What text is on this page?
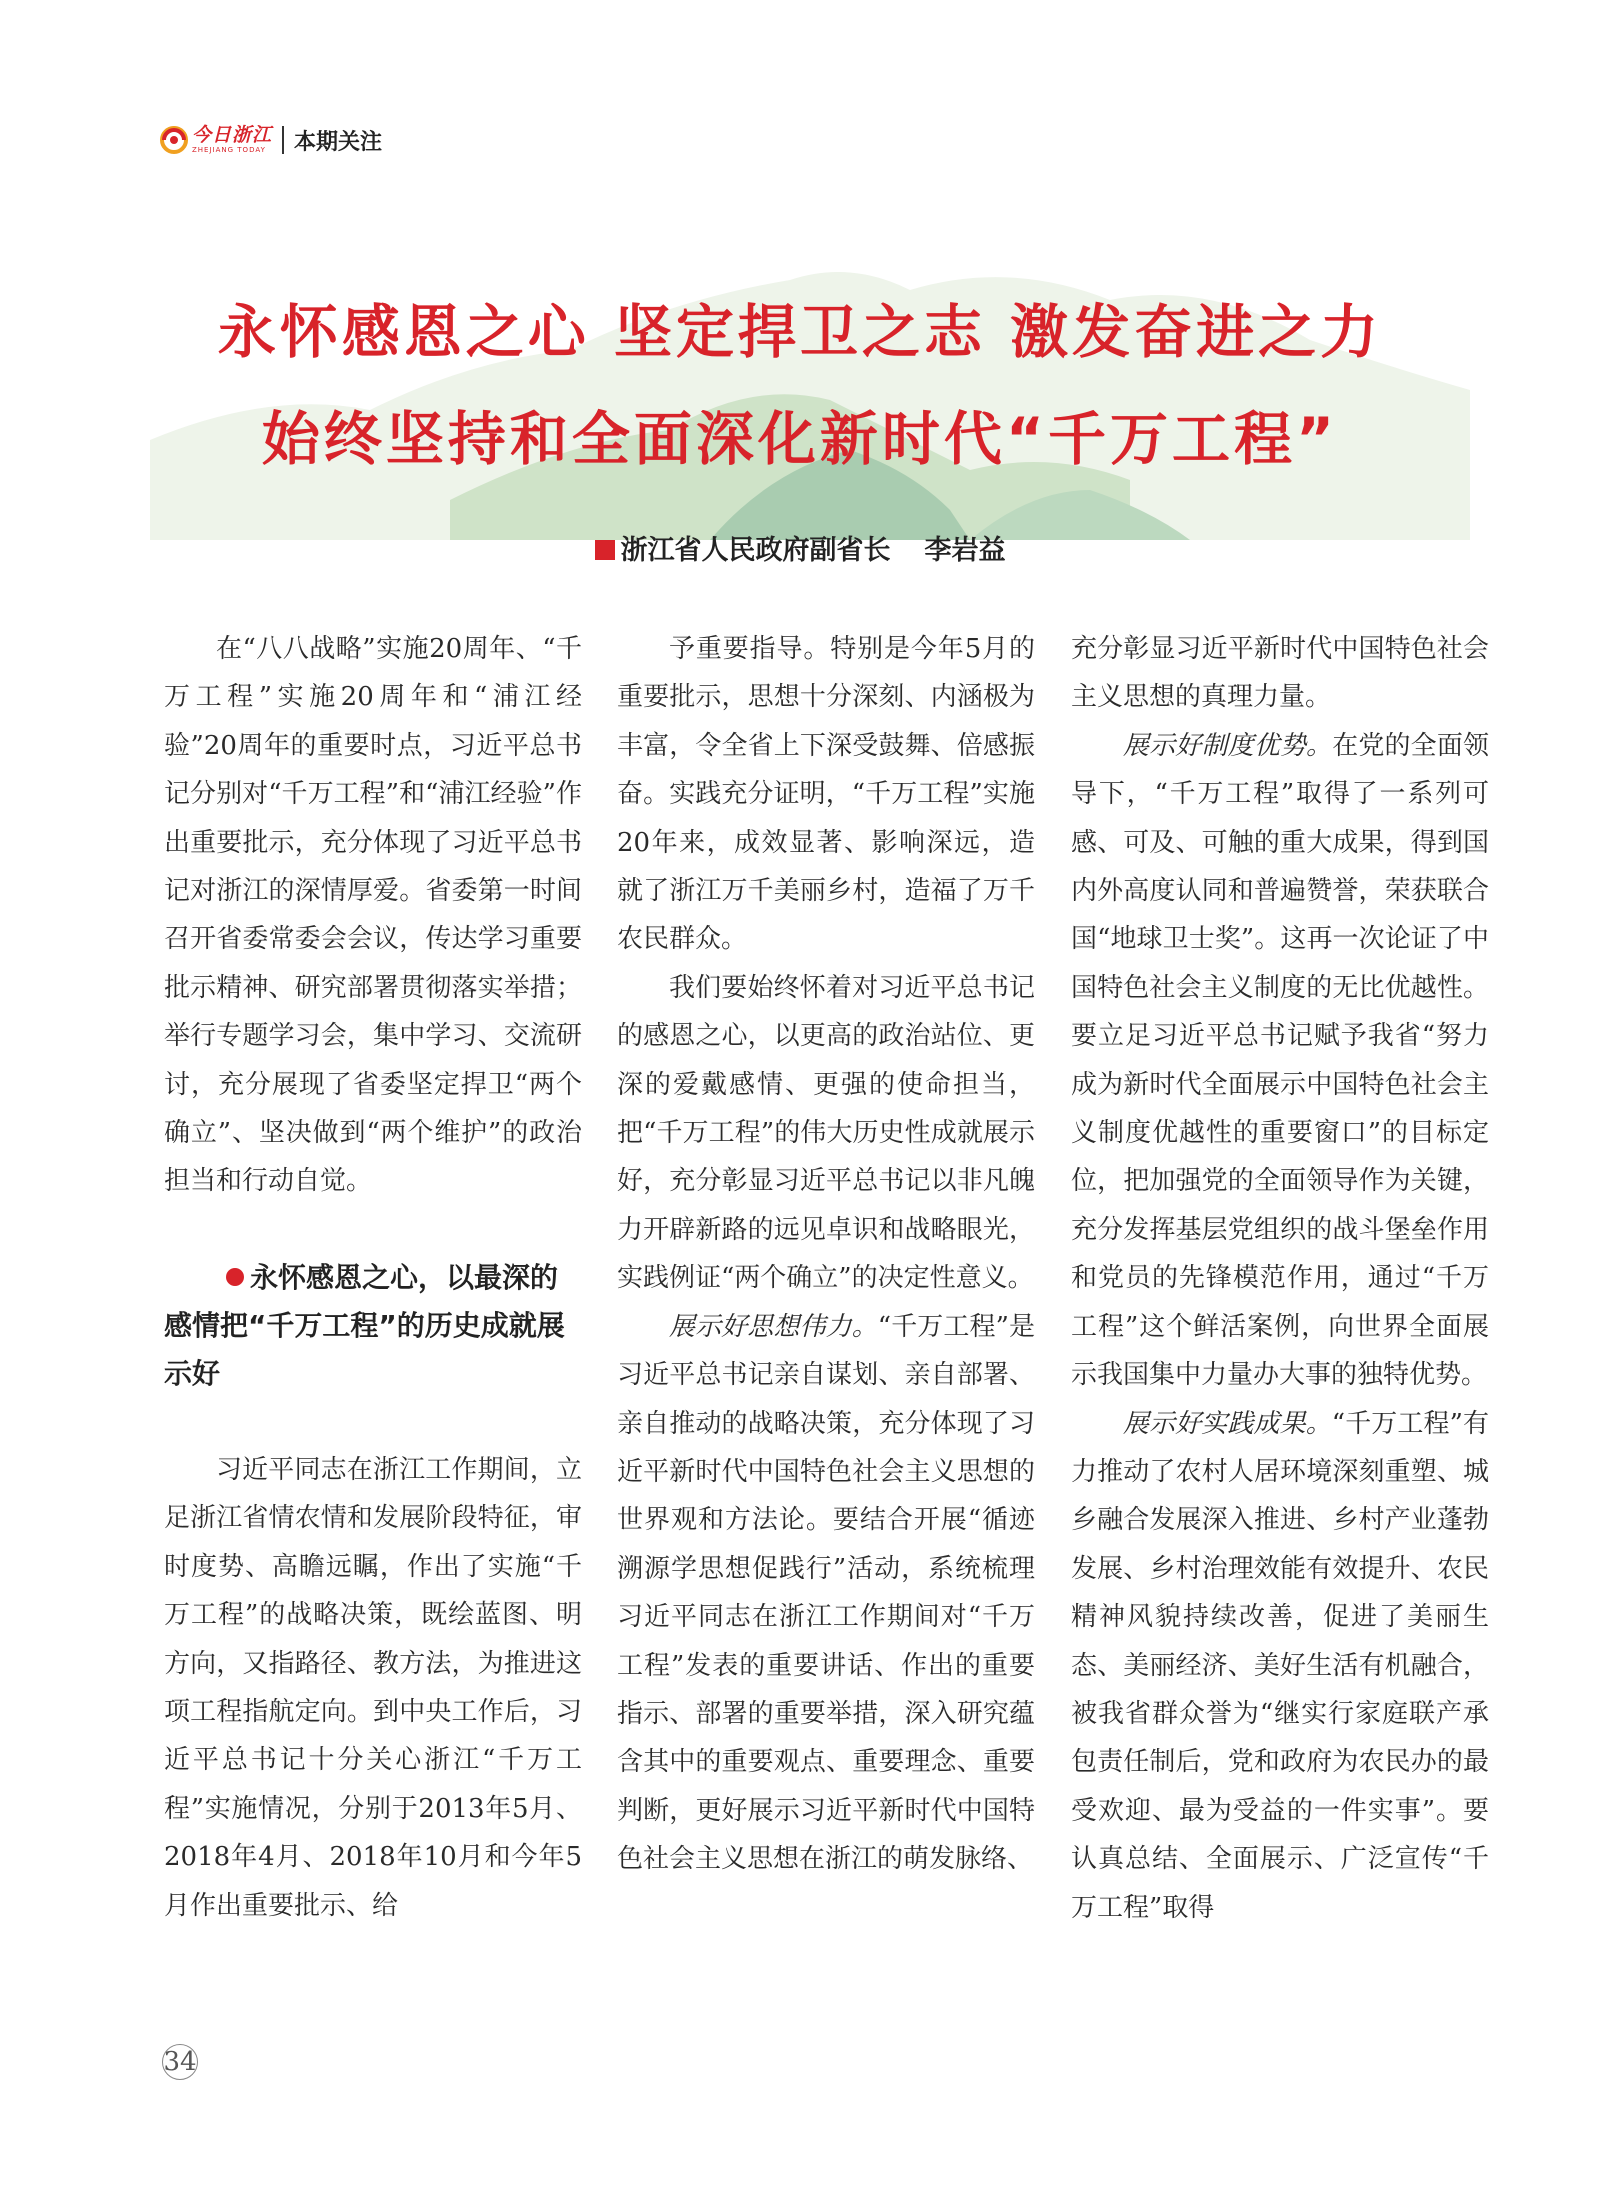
今日浙江
ZHEJIANG TODAY 本期关注
永怀感恩之心 坚定捍卫之志 激发奋进之力
始终坚持和全面深化新时代“千万工程”
浙江省人民政府副省长 李岩益

在“八八战略”实施20周年、“千万工程”实施20周年和“浦江经验”20周年的重要时点，习近平总书记分别对“千万工程”和“浦江经验”作出重要批示，充分体现了习近平总书记对浙江的深情厚爱。省委第一时间召开省委常委会会议，传达学习重要批示精神、研究部署贯彻落实举措；举行专题学习会，集中学习、交流研讨，充分展现了省委坚定捍卫“两个确立”、坚决做到“两个维护”的政治担当和行动自觉。

永怀感恩之心，以最深的感情把“千万工程”的历史成就展示好

习近平同志在浙江工作期间，立足浙江省情农情和发展阶段特征，审时度势、高瞻远瞩，作出了实施“千万工程”的战略决策，既绘蓝图、明方向，又指路径、教方法，为推进这项工程指航定向。到中央工作后，习近平总书记十分关心浙江“千万工程”实施情况，分别于2013年5月、2018年4月、2018年10月和今年5月作出重要批示、给

予重要指导。特别是今年5月的重要批示，思想十分深刻、内涵极为丰富，令全省上下深受鼓舞、倍感振奋。实践充分证明，“千万工程”实施20年来，成效显著、影响深远，造就了浙江万千美丽乡村，造福了万千农民群众。

我们要始终怀着对习近平总书记的感恩之心，以更高的政治站位、更深的爱戴感情、更强的使命担当，把“千万工程”的伟大历史性成就展示好，充分彰显习近平总书记以非凡魄力开辟新路的远见卓识和战略眼光，实践例证“两个确立”的决定性意义。

展示好思想伟力。“千万工程”是习近平总书记亲自谋划、亲自部署、亲自推动的战略决策，充分体现了习近平新时代中国特色社会主义思想的世界观和方法论。要结合开展“循迹溯源学思想促践行”活动，系统梳理习近平同志在浙江工作期间对“千万工程”发表的重要讲话、作出的重要指示、部署的重要举措，深入研究蕴含其中的重要观点、重要理念、重要判断，更好展示习近平新时代中国特色社会主义思想在浙江的萌发脉络、

充分彰显习近平新时代中国特色社会主义思想的真理力量。

展示好制度优势。在党的全面领导下，“千万工程”取得了一系列可感、可及、可触的重大成果，得到国内外高度认同和普遍赞誉，荣获联合国“地球卫士奖”。这再一次论证了中国特色社会主义制度的无比优越性。要立足习近平总书记赋予我省“努力成为新时代全面展示中国特色社会主义制度优越性的重要窗口”的目标定位，把加强党的全面领导作为关键，充分发挥基层党组织的战斗堡垒作用和党员的先锋模范作用，通过“千万工程”这个鲜活案例，向世界全面展示我国集中力量办大事的独特优势。

展示好实践成果。“千万工程”有力推动了农村人居环境深刻重塑、城乡融合发展深入推进、乡村产业蓬勃发展、乡村治理效能有效提升、农民精神风貌持续改善，促进了美丽生态、美丽经济、美好生活有机融合，被我省群众誉为“继实行家庭联产承包责任制后，党和政府为农民办的最受欢迎、最为受益的一件实事”。要认真总结、全面展示、广泛宣传“千万工程”取得

34
